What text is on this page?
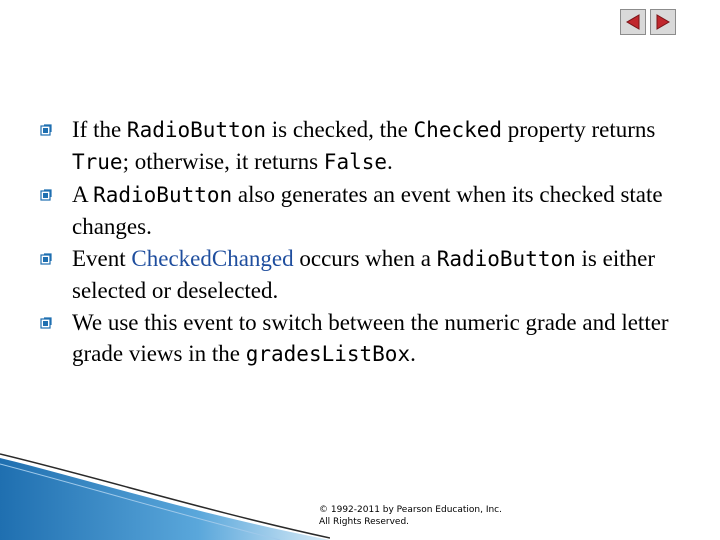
If the RadioButton is checked, the Checked property returns True; otherwise, it returns False.
A RadioButton also generates an event when its checked state changes.
Event CheckedChanged occurs when a RadioButton is either selected or deselected.
We use this event to switch between the numeric grade and letter grade views in the gradesListBox.
© 1992-2011 by Pearson Education, Inc.
All Rights Reserved.
